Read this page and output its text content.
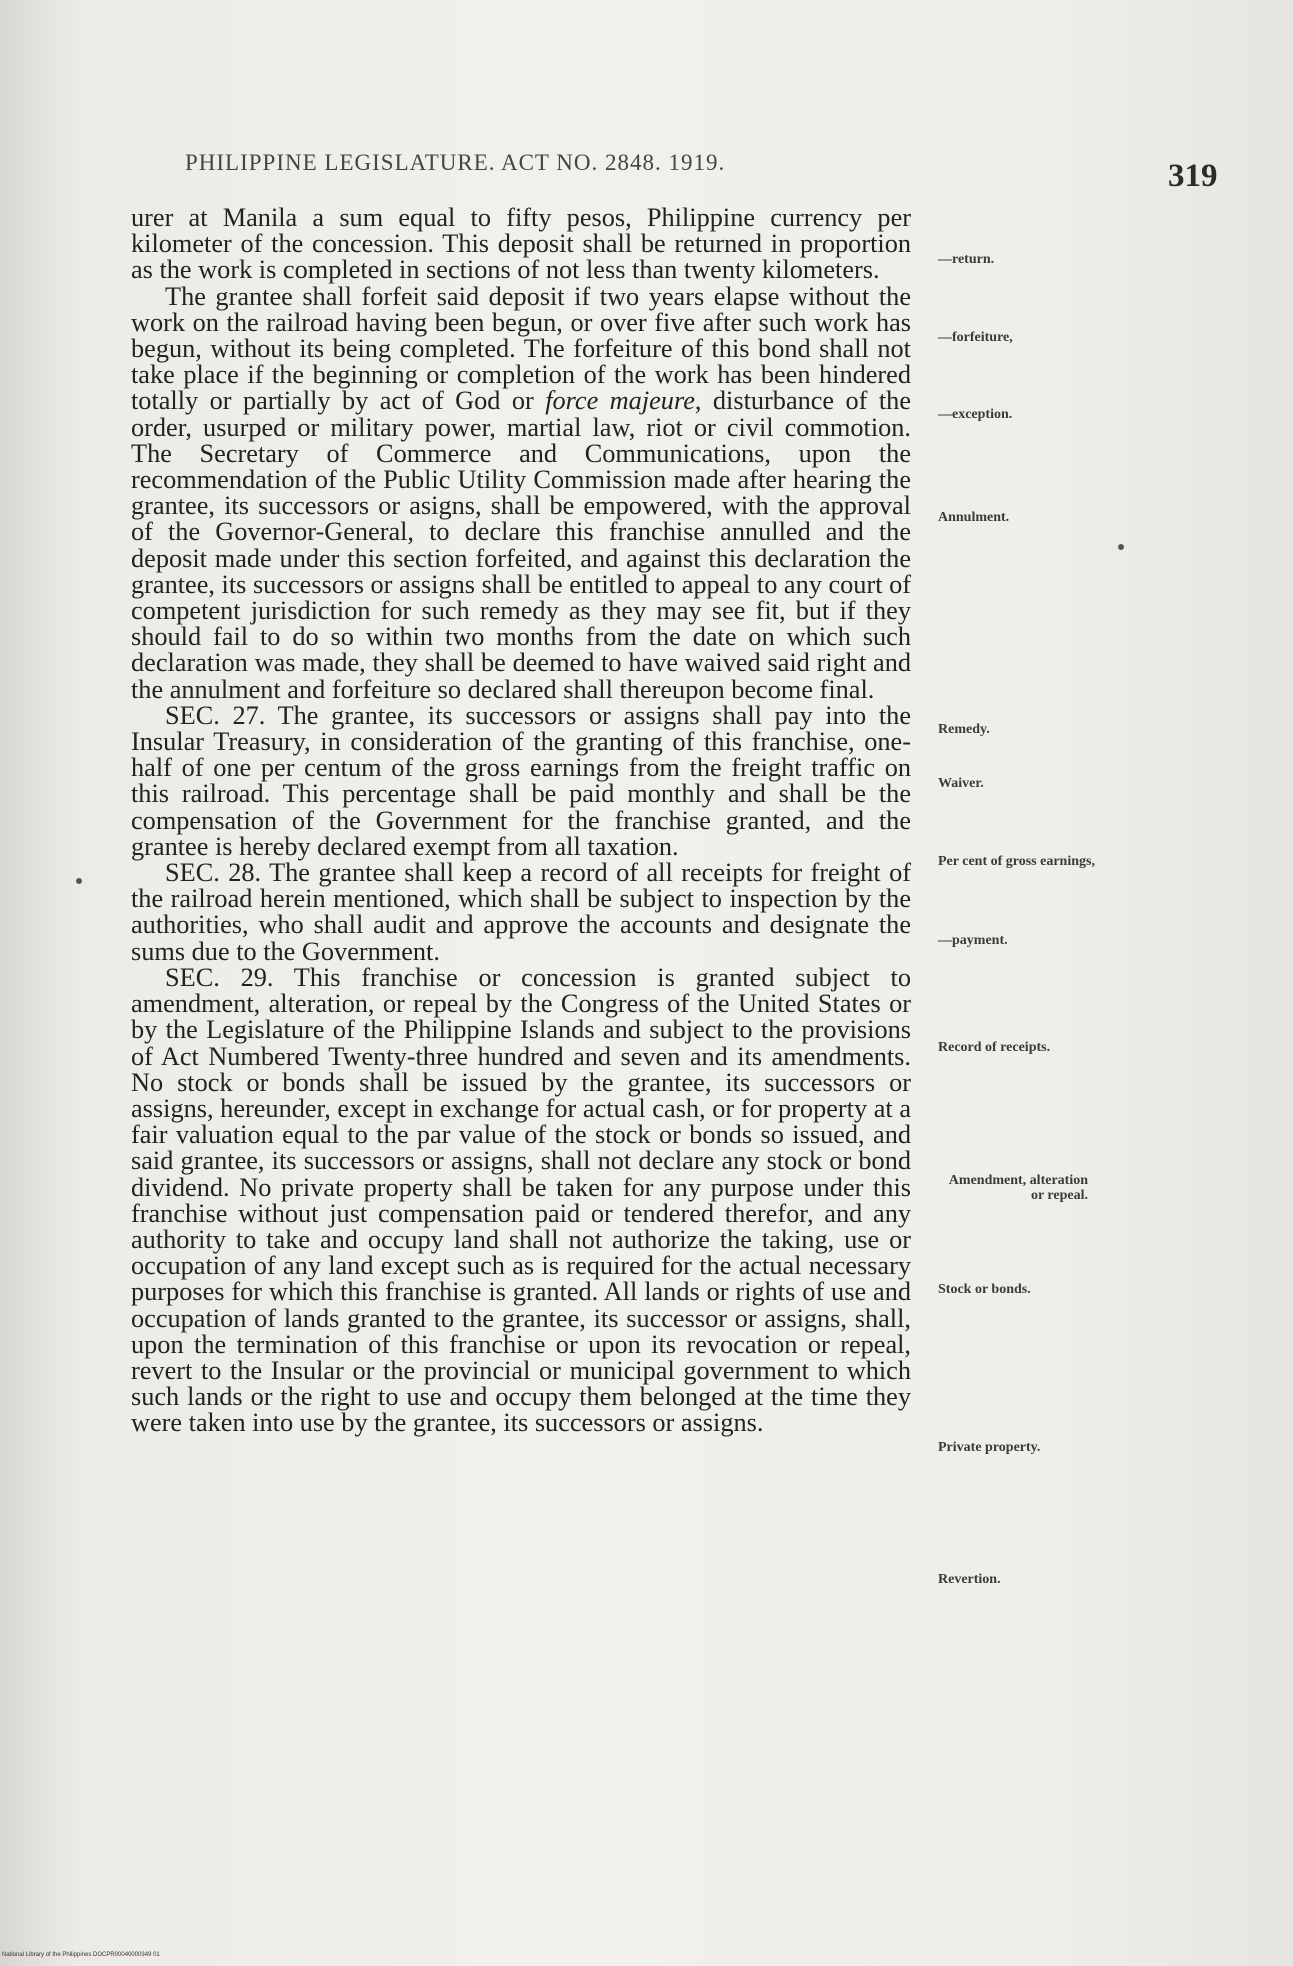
PHILIPPINE LEGISLATURE. ACT NO. 2848. 1919.	319

urer at Manila a sum equal to fifty pesos, Philippine currency per kilometer of the concession. This deposit shall be returned in proportion as the work is completed in sections of not less than twenty kilometers.

The grantee shall forfeit said deposit if two years elapse without the work on the railroad having been begun, or over five after such work has begun, without its being completed. The forfeiture of this bond shall not take place if the beginning or completion of the work has been hindered totally or partially by act of God or force majeure, disturbance of the order, usurped or military power, martial law, riot or civil commotion. The Secretary of Commerce and Communications, upon the recommendation of the Public Utility Commission made after hearing the grantee, its successors or asigns, shall be empowered, with the approval of the Governor-General, to declare this franchise annulled and the deposit made under this section forfeited, and against this declaration the grantee, its successors or assigns shall be entitled to appeal to any court of competent jurisdiction for such remedy as they may see fit, but if they should fail to do so within two months from the date on which such declaration was made, they shall be deemed to have waived said right and the annulment and forfeiture so declared shall thereupon become final.

SEC. 27. The grantee, its successors or assigns shall pay into the Insular Treasury, in consideration of the granting of this franchise, one-half of one per centum of the gross earnings from the freight traffic on this railroad. This percentage shall be paid monthly and shall be the compensation of the Government for the franchise granted, and the grantee is hereby declared exempt from all taxation.

SEC. 28. The grantee shall keep a record of all receipts for freight of the railroad herein mentioned, which shall be subject to inspection by the authorities, who shall audit and approve the accounts and designate the sums due to the Government.

SEC. 29. This franchise or concession is granted subject to amendment, alteration, or repeal by the Congress of the United States or by the Legislature of the Philippine Islands and subject to the provisions of Act Numbered Twenty-three hundred and seven and its amendments. No stock or bonds shall be issued by the grantee, its successors or assigns, hereunder, except in exchange for actual cash, or for property at a fair valuation equal to the par value of the stock or bonds so issued, and said grantee, its successors or assigns, shall not declare any stock or bond dividend. No private property shall be taken for any purpose under this franchise without just compensation paid or tendered therefor, and any authority to take and occupy land shall not authorize the taking, use or occupation of any land except such as is required for the actual necessary purposes for which this franchise is granted. All lands or rights of use and occupation of lands granted to the grantee, its successor or assigns, shall, upon the termination of this franchise or upon its revocation or repeal, revert to the Insular or the provincial or municipal government to which such lands or the right to use and occupy them belonged at the time they were taken into use by the grantee, its successors or assigns.

—return.
—forfeiture,
—exception.
Annulment.
Remedy.
Waiver.
Per cent of gross earnings,
—payment.
Record of receipts.
Amendment, alteration or repeal.
Stock or bonds.
Private property.
Revertion.
National Library of the Philippines DOCPR00040000349 01
